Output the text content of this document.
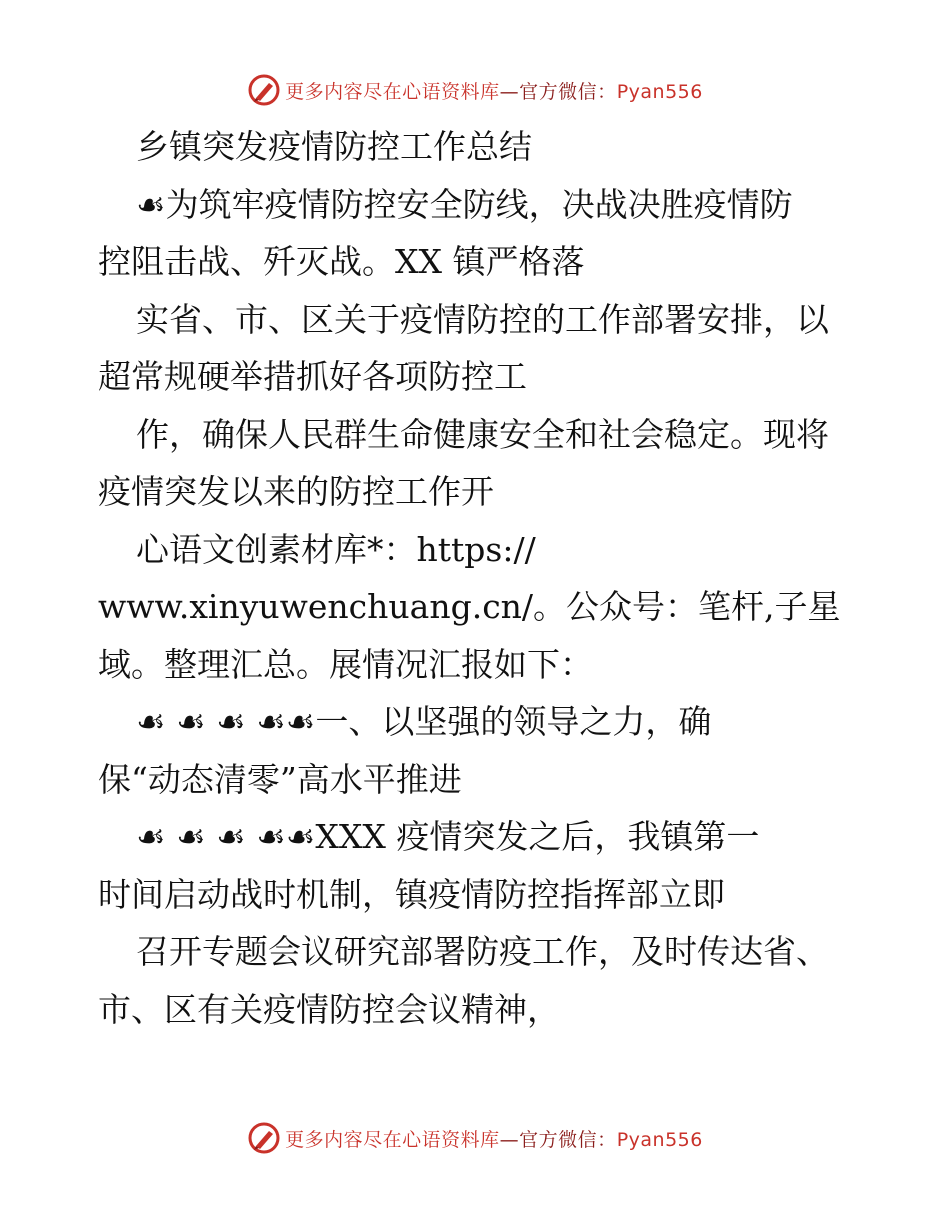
更多内容尽在心语资料库—官方微信：Pyan556
乡镇突发疫情防控工作总结
☙为筑牢疫情防控安全防线，决战决胜疫情防
控阻击战、歼灭战。XX 镇严格落
实省、市、区关于疫情防控的工作部署安排，以
超常规硬举措抓好各项防控工
作，确保人民群生命健康安全和社会稳定。现将
疫情突发以来的防控工作开
心语文创素材库*：https://
www.xinyuwenchuang.cn/。公众号：笔杆,子星
域。整理汇总。展情况汇报如下：
☙ ☙ ☙ ☙☙一、以坚强的领导之力，确
保“动态清零”高水平推进
☙ ☙ ☙ ☙☙XXX 疫情突发之后，我镇第一
时间启动战时机制，镇疫情防控指挥部立即
召开专题会议研究部署防疫工作，及时传达省、
市、区有关疫情防控会议精神，
更多内容尽在心语资料库—官方微信：Pyan556
